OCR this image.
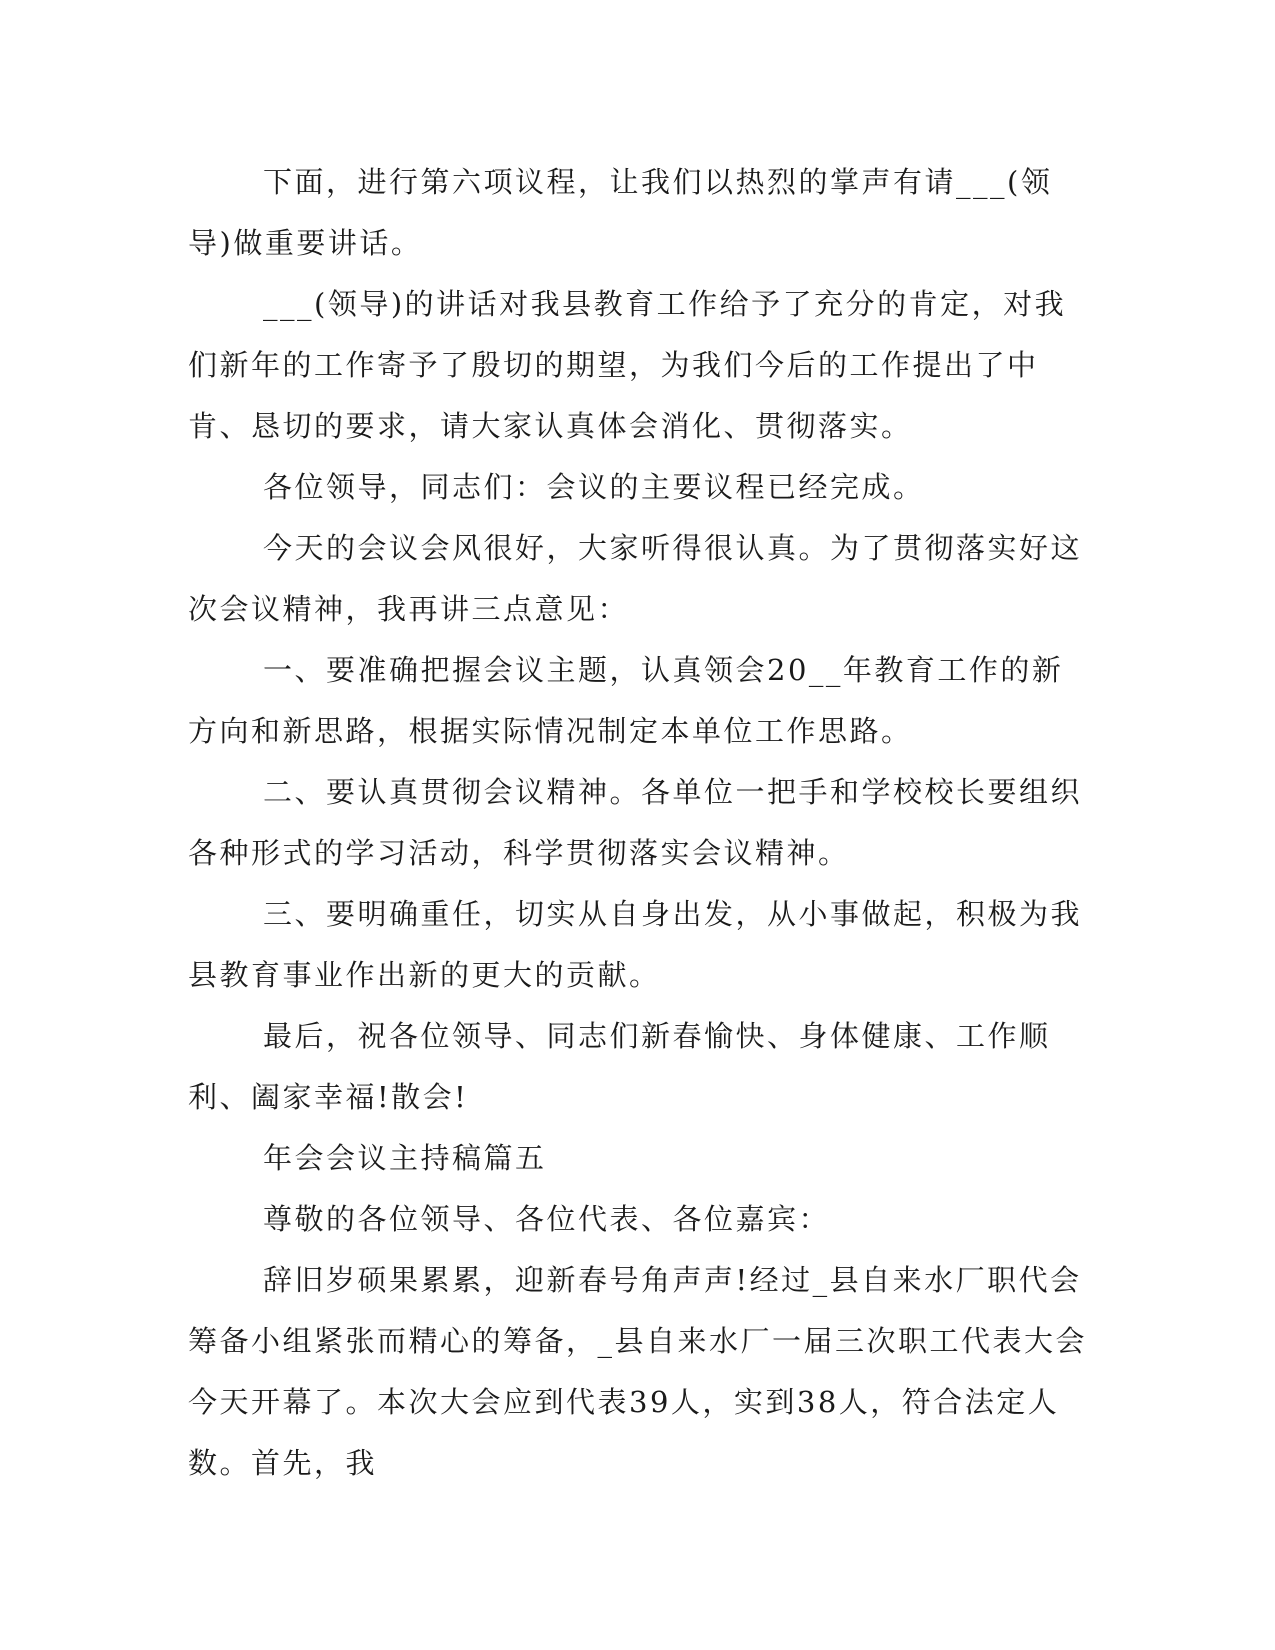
下面，进行第六项议程，让我们以热烈的掌声有请___(领导)做重要讲话。

___(领导)的讲话对我县教育工作给予了充分的肯定，对我们新年的工作寄予了殷切的期望，为我们今后的工作提出了中肯、恳切的要求，请大家认真体会消化、贯彻落实。

各位领导，同志们：会议的主要议程已经完成。

今天的会议会风很好，大家听得很认真。为了贯彻落实好这次会议精神，我再讲三点意见：

一、要准确把握会议主题，认真领会20__年教育工作的新方向和新思路，根据实际情况制定本单位工作思路。

二、要认真贯彻会议精神。各单位一把手和学校校长要组织各种形式的学习活动，科学贯彻落实会议精神。

三、要明确重任，切实从自身出发，从小事做起，积极为我县教育事业作出新的更大的贡献。

最后，祝各位领导、同志们新春愉快、身体健康、工作顺利、阖家幸福!散会!

年会会议主持稿篇五

尊敬的各位领导、各位代表、各位嘉宾：

辞旧岁硕果累累，迎新春号角声声!经过_县自来水厂职代会筹备小组紧张而精心的筹备，_县自来水厂一届三次职工代表大会今天开幕了。本次大会应到代表39人，实到38人，符合法定人数。首先，我
